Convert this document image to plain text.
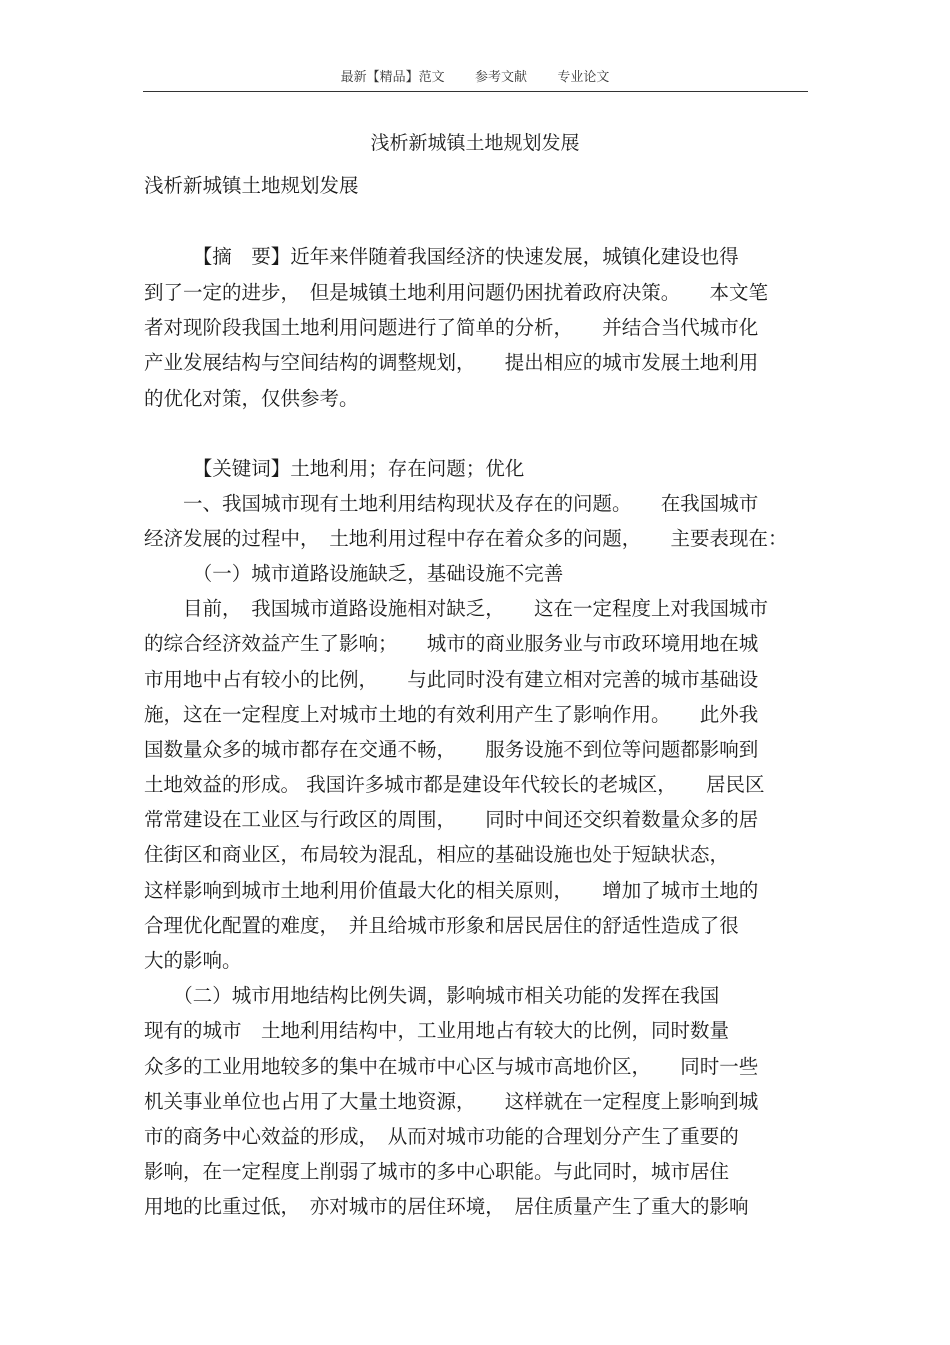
最新【精品】范文   参考文献   专业论文
浅析新城镇土地规划发展
浅析新城镇土地规划发展
　　　【摘　要】近年来伴随着我国经济的快速发展，城镇化建设也得
到了一定的进步，　但是城镇土地利用问题仍困扰着政府决策。　　本文笔
者对现阶段我国土地利用问题进行了简单的分析，　　并结合当代城市化
产业发展结构与空间结构的调整规划，　　提出相应的城市发展土地利用
的优化对策，仅供参考。
　　　【关键词】土地利用；存在问题；优化
　　一、我国城市现有土地利用结构现状及存在的问题。　　在我国城市
经济发展的过程中，　土地利用过程中存在着众多的问题，　　主要表现在：
　　　（一）城市道路设施缺乏，基础设施不完善
　　目前，　我国城市道路设施相对缺乏，　　这在一定程度上对我国城市
的综合经济效益产生了影响；　　城市的商业服务业与市政环境用地在城
市用地中占有较小的比例，　　与此同时没有建立相对完善的城市基础设
施，这在一定程度上对城市土地的有效利用产生了影响作用。　　此外我
国数量众多的城市都存在交通不畅，　　服务设施不到位等问题都影响到
土地效益的形成。 我国许多城市都是建设年代较长的老城区，　　居民区
常常建设在工业区与行政区的周围，　　同时中间还交织着数量众多的居
住街区和商业区，布局较为混乱，相应的基础设施也处于短缺状态，
这样影响到城市土地利用价值最大化的相关原则，　　增加了城市土地的
合理优化配置的难度，　并且给城市形象和居民居住的舒适性造成了很
大的影响。
　　（二）城市用地结构比例失调，影响城市相关功能的发挥在我国
现有的城市　土地利用结构中，工业用地占有较大的比例，同时数量
众多的工业用地较多的集中在城市中心区与城市高地价区，　　同时一些
机关事业单位也占用了大量土地资源，　　这样就在一定程度上影响到城
市的商务中心效益的形成，　从而对城市功能的合理划分产生了重要的
影响，在一定程度上削弱了城市的多中心职能。与此同时，城市居住
用地的比重过低，　亦对城市的居住环境，　居住质量产生了重大的影响
